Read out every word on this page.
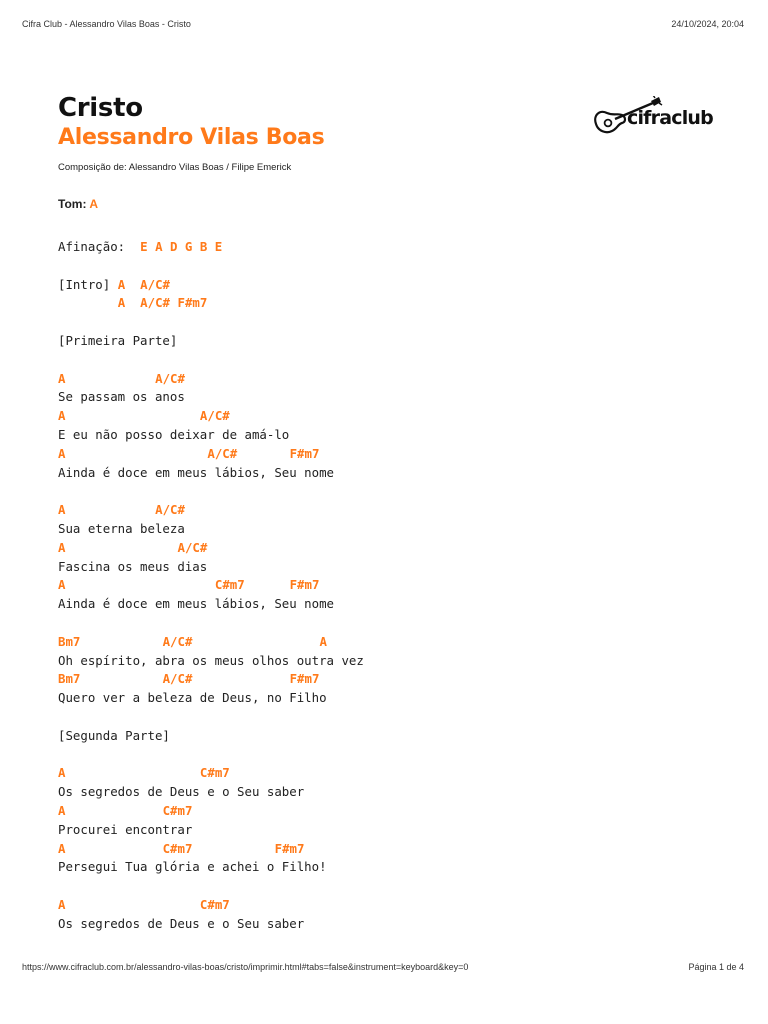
Cifra Club - Alessandro Vilas Boas - Cristo	24/10/2024, 20:04
Cristo
Alessandro Vilas Boas
Composição de: Alessandro Vilas Boas / Filipe Emerick
Tom: A
cifraclub
Afinação: E A D G B E
[Intro] A A/C#
A A/C# F#m7
[Primeira Parte]
A	A/C#
Se passam os anos
A	A/C#
E eu não posso deixar de amá-lo
A	A/C#	F#m7
Ainda é doce em meus lábios, Seu nome
A	A/C#
Sua eterna beleza
A	A/C#
Fascina os meus dias
A	C#m7	F#m7
Ainda é doce em meus lábios, Seu nome
Bm7	A/C#	A
Oh espírito, abra os meus olhos outra vez
Bm7	A/C#	F#m7
Quero ver a beleza de Deus, no Filho
[Segunda Parte]
A	C#m7
Os segredos de Deus e o Seu saber
A	C#m7
Procurei encontrar
A	C#m7	F#m7
Persegui Tua glória e achei o Filho!
A	C#m7
Os segredos de Deus e o Seu saber
https://www.cifraclub.com.br/alessandro-vilas-boas/cristo/imprimir.html#tabs=false&instrument=keyboard&key=0	Página 1 de 4
